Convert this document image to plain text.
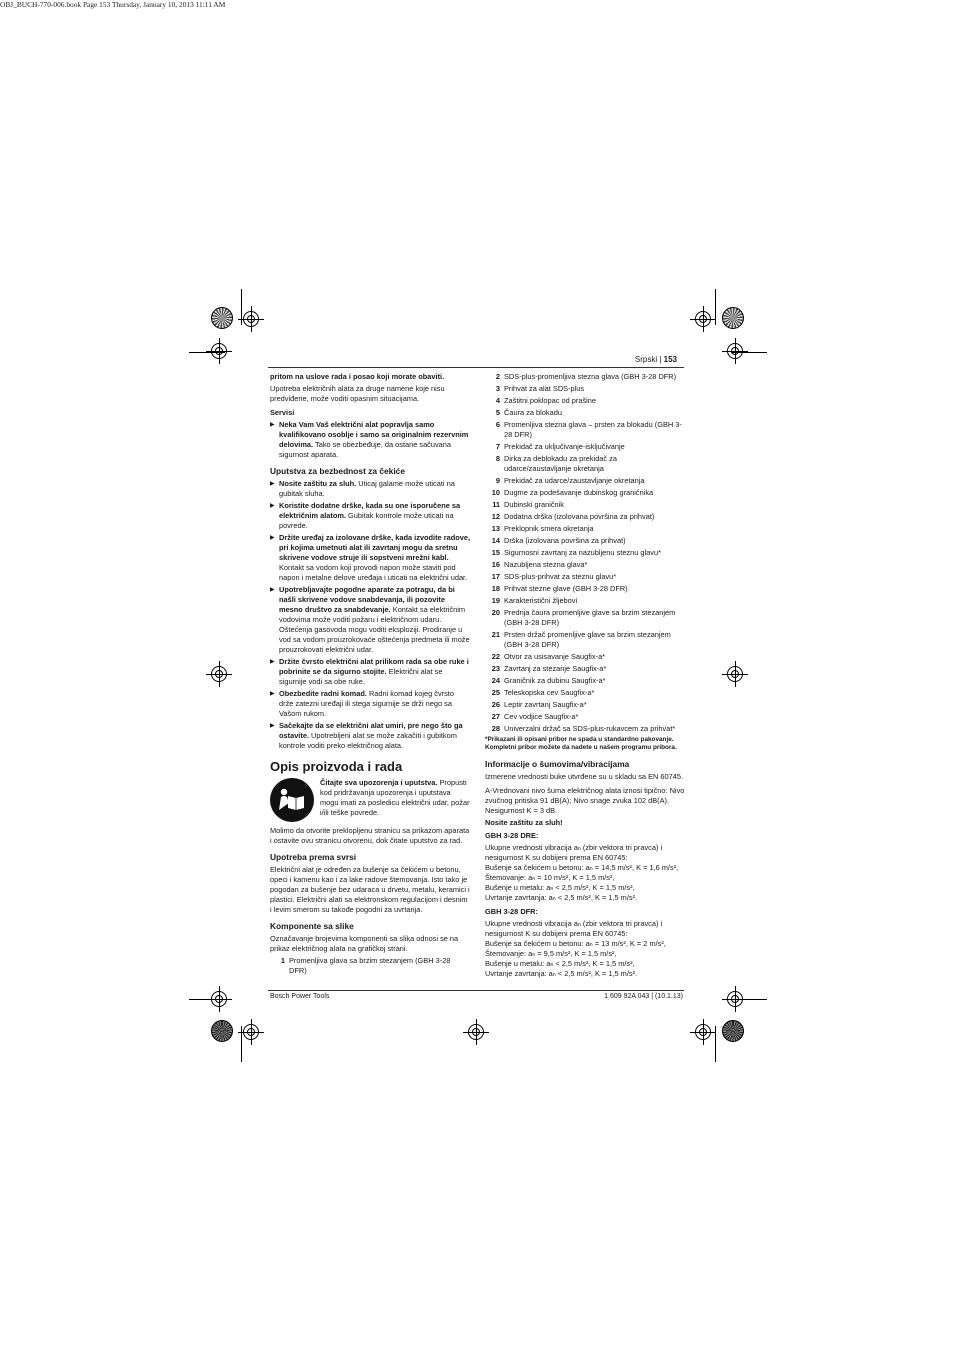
OBJ_BUCH-770-006.book Page 153 Thursday, January 10, 2013 11:11 AM
Srpski | 153

pritom na uslove rada i posao koji morate obaviti.

Upotreba električnih alata za druge namene koje nisu predviđene, može voditi opasnim situacijama.

Servisi

▶ Neka Vam Vaš električni alat popravlja samo kvalifikovano osoblje i samo sa originalnim rezervnim delovima. Tako se obezbeđuje, da ostane sačuvana sigurnost aparata.

Uputstva za bezbednost za čekiće

▶ Nosite zaštitu za sluh. Uticaj galame može uticati na gubitak sluha.

▶ Koristite dodatne drške, kada su one isporučene sa električnim alatom. Gubitak kontrole može uticati na povrede.

▶ Držite uređaj za izolovane drške, kada izvodite radove, pri kojima umetnuti alat ili zavrtanj mogu da sretnu skrivene vodove struje ili sopstveni mrežni kabl. Kontakt sa vodom koji provodi napon može staviti pod napon i metalne delove uređaja i uticati na električni udar.

▶ Upotrebljavajte pogodne aparate za potragu, da bi našli skrivene vodove snabdevanja, ili pozovite mesno društvo za snabdevanje. Kontakt sa električnim vodovima može voditi požaru i električnom udaru. Oštećenja gasovoda mogu voditi eksploziji. Prodiranje u vod sa vodom prouzrokovaće oštećenja predmeta ili može prouzrokovati električni udar.

▶ Držite čvrsto električni alat prilikom rada sa obe ruke i pobrinite se da sigurno stojite. Električni alat se sigurnije vodi sa obe ruke.

▶ Obezbedite radni komad. Radni komad kojeg čvrsto drže zatezni uređaji ili stega sigurnije se drži nego sa Vašom rukom.

▶ Sačekajte da se električni alat umiri, pre nego što ga ostavite. Upotrebljeni alat se može zakačiti i gubitkom kontrole voditi preko električnog alata.

Opis proizvoda i rada
Čitajte sva upozorenja i uputstva. Propusti kod pridržavanja upozorenja i uputstava mogu imati za posledicu električni udar, požar i/ili teške povrede.

Molimo da otvorite preklopljenu stranicu sa prikazom aparata i ostavite ovu stranicu otvorenu, dok čitate uputstvo za rad.

Upotreba prema svrsi

Električni alat je određen za bušenje sa čekićem u betonu, opeci i kamenu kao i za lake radove štemovanja. Isto tako je pogodan za bušenje bez udaraca u drvetu, metalu, keramici i plastici. Električni alati sa elektronskom regulacijom i desnim i levim smerom su takođe pogodni za uvrtanja.

Komponente sa slike

Označavanje brojevima komponenti sa slika odnosi se na prikaz električnog alata na grafičkoj strani.

1 Promenljiva glava sa brzim stezanjem (GBH 3-28 DFR)
2 SDS-plus-promenljiva stezna glava (GBH 3-28 DFR)
3 Prihvat za alat SDS-plus
4 Zaštitni poklopac od prašine
5 Čaura za blokadu
6 Promenljiva stezna glava – prsten za blokadu (GBH 3-28 DFR)
7 Prekidač za uključivanje-isključivanje
8 Dirka za deblokadu za prekidač za udarce/zaustavljanje okretanja
9 Prekidač za udarce/zaustavljanje okretanja
10 Dugme za podešavanje dubinskog graničnika
11 Dubinski graničnik
12 Dodatna drška (izolovana površina za prihvat)
13 Preklopnik smera okretanja
14 Drška (izolovana površina za prihvat)
15 Sigurnosni zavrtanj za nazubljenu steznu glavu*
16 Nazubljena stezna glava*
17 SDS-plus-prihvat za steznu glavu*
18 Prihvat stezne glave (GBH 3-28 DFR)
19 Karakteristični žljebovi
20 Prednja čaura promenljive glave sa brzim stezanjem (GBH 3-28 DFR)
21 Prsten držač promenljive glave sa brzim stezanjem (GBH 3-28 DFR)
22 Otvor za usisavanje Saugfix-a*
23 Zavrtanj za stezanje Saugfix-a*
24 Graničnik za dubinu Saugfix-a*
25 Teleskopska cev Saugfix-a*
26 Leptir zavrtanj Saugfix-a*
27 Cev vodjice Saugfix-a*
28 Univerzalni držač sa SDS-plus-rukavcem za prihvat*
*Prikazani ili opisani pribor ne spada u standardno pakovanje.
Kompletni pribor možete da nadete u našem programu pribora.
Informacije o šumovima/vibracijama

Izmerene vrednosti buke utvrđene su u skladu sa EN 60745.

A-Vrednovani nivo šuma električnog alata iznosi tipično: Nivo zvučnog pritiska 91 dB(A); Nivo snage zvuka 102 dB(A). Nesigurnost K = 3 dB.

Nosite zaštitu za sluh!

GBH 3-28 DRE:

Ukupne vrednosti vibracija aₕ (zbir vektora tri pravca) i nesigurnost K su dobijeni prema EN 60745:
Bušenje sa čekićem u betonu: aₕ = 14,5 m/s², K = 1,6 m/s²,
Štemovanje: aₕ = 10 m/s², K = 1,5 m/s²,
Bušenje u metalu: aₕ < 2,5 m/s², K = 1,5 m/s²,
Uvrtanje zavrtanja: aₕ < 2,5 m/s², K = 1,5 m/s².

GBH 3-28 DFR:

Ukupne vrednosti vibracija aₕ (zbir vektora tri pravca) i nesigurnost K su dobijeni prema EN 60745:
Bušenje sa čekićem u betonu: aₕ = 13 m/s², K = 2 m/s²,
Štemovanje: aₕ = 9,5 m/s², K = 1,5 m/s²,
Bušenje u metalu: aₕ < 2,5 m/s², K = 1,5 m/s²,
Uvrtanje zavrtanja: aₕ < 2,5 m/s², K = 1,5 m/s².
Bosch Power Tools	1 609 92A 043 | (10.1.13)
